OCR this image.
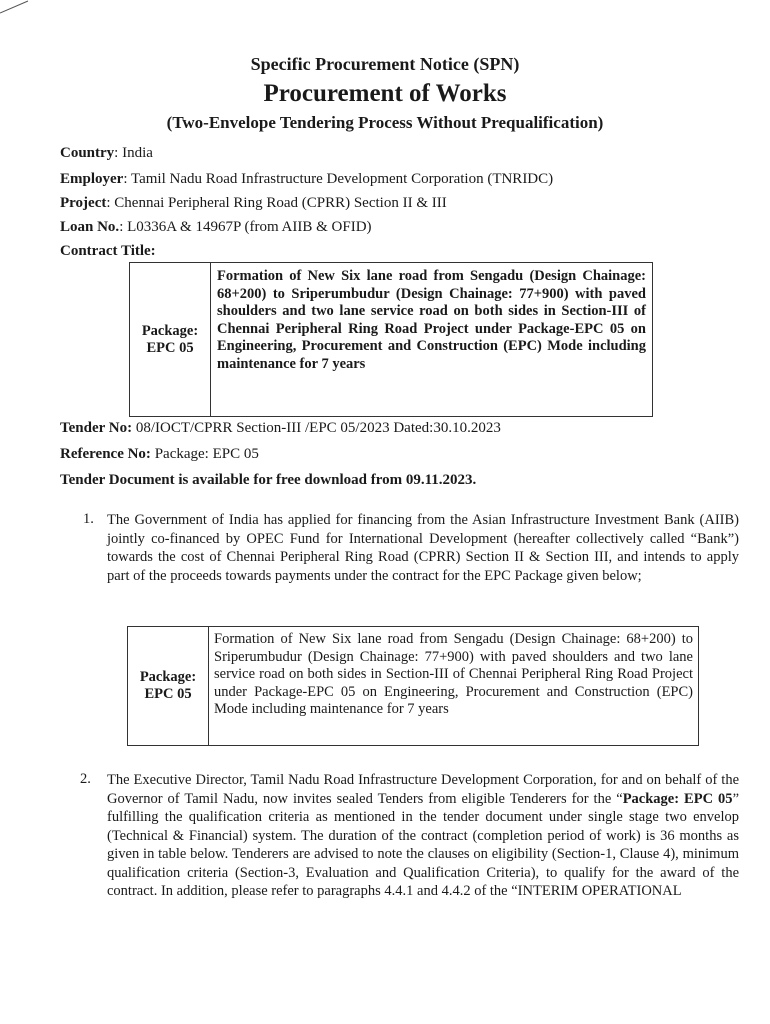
Specific Procurement Notice (SPN)
Procurement of Works
(Two-Envelope Tendering Process Without Prequalification)
Country: India
Employer: Tamil Nadu Road Infrastructure Development Corporation (TNRIDC)
Project: Chennai Peripheral Ring Road (CPRR) Section II & III
Loan No.: L0336A & 14967P (from AIIB & OFID)
Contract Title:
Package:
EPC 05
	Formation of New Six lane road from Sengadu (Design Chainage: 68+200) to Sriperumbudur (Design Chainage: 77+900) with paved shoulders and two lane service road on both sides in Section-III of Chennai Peripheral Ring Road Project under Package-EPC 05 on Engineering, Procurement and Construction (EPC) Mode including maintenance for 7 years
Tender No: 08/IOCT/CPRR Section-III /EPC 05/2023 Dated:30.10.2023
Reference No: Package: EPC 05
Tender Document is available for free download from 09.11.2023.
1. The Government of India has applied for financing from the Asian Infrastructure Investment Bank (AIIB) jointly co-financed by OPEC Fund for International Development (hereafter collectively called “Bank”) towards the cost of Chennai Peripheral Ring Road (CPRR) Section II & Section III, and intends to apply part of the proceeds towards payments under the contract for the EPC Package given below;
Package:
EPC 05
	Formation of New Six lane road from Sengadu (Design Chainage: 68+200) to Sriperumbudur (Design Chainage: 77+900) with paved shoulders and two lane service road on both sides in Section-III of Chennai Peripheral Ring Road Project under Package-EPC 05 on Engineering, Procurement and Construction (EPC) Mode including maintenance for 7 years
2. The Executive Director, Tamil Nadu Road Infrastructure Development Corporation, for and on behalf of the Governor of Tamil Nadu, now invites sealed Tenders from eligible Tenderers for the “Package: EPC 05” fulfilling the qualification criteria as mentioned in the tender document under single stage two envelop (Technical & Financial) system. The duration of the contract (completion period of work) is 36 months as given in table below. Tenderers are advised to note the clauses on eligibility (Section-1, Clause 4), minimum qualification criteria (Section-3, Evaluation and Qualification Criteria), to qualify for the award of the contract. In addition, please refer to paragraphs 4.4.1 and 4.4.2 of the “INTERIM OPERATIONAL
